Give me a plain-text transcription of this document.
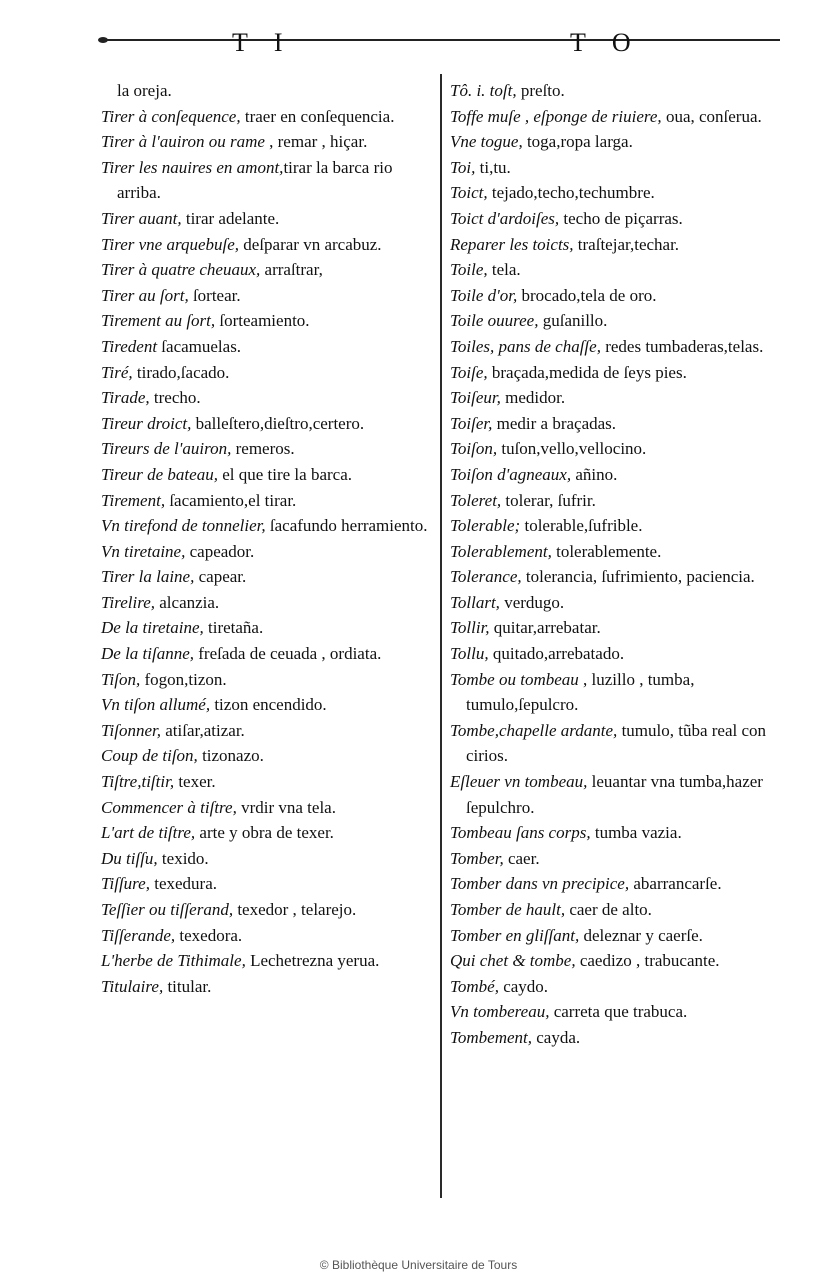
T I	T O

la oreja.

Tirer à conſequence, traer en conſequencia.

Tirer à l'auiron ou rame , remar , hiçar.

Tirer les nauires en amont,tirar la barca rio arriba.

Tirer auant, tirar adelante.

Tirer vne arquebuſe, deſparar vn arcabuz.

Tirer à quatre cheuaux, arraſtrar,

Tirer au ſort, ſortear.

Tirement au ſort, ſorteamiento.

Tiredent ſacamuelas.

Tiré, tirado,ſacado.

Tirade, trecho.

Tireur droict, balleſtero,dieſtro,certero.

Tireurs de l'auiron, remeros.

Tireur de bateau, el que tire la barca.

Tirement, ſacamiento,el tirar.

Vn tirefond de tonnelier, ſacafundo herramiento.

Vn tiretaine, capeador.

Tirer la laine, capear.

Tirelire, alcanzia.

De la tiretaine, tiretaña.

De la tiſanne, freſada de ceuada , ordiata.

Tiſon, fogon,tizon.

Vn tiſon allumé, tizon encendido.

Tiſonner, atiſar,atizar.

Coup de tiſon, tizonazo.

Tiſtre,tiſtir, texer.

Commencer à tiſtre, vrdir vna tela.

L'art de tiſtre, arte y obra de texer.

Du tiſſu, texido.

Tiſſure, texedura.

Teſſier ou tiſſerand, texedor , telarejo.

Tiſſerande, texedora.

L'herbe de Tithimale, Lechetrezna yerua.

Titulaire, titular.

Tô. i. toſt, preſto.

Toffe muſe , eſponge de riuiere, oua, conſerua.

Vne togue, toga,ropa larga.

Toi, ti,tu.

Toict, tejado,techo,techumbre.

Toict d'ardoiſes, techo de piçarras.

Reparer les toicts, traſtejar,techar.

Toile, tela.

Toile d'or, brocado,tela de oro.

Toile ouuree, guſanillo.

Toiles, pans de chaſſe, redes tumbaderas,telas.

Toiſe, braçada,medida de ſeys pies.

Toiſeur, medidor.

Toiſer, medir a braçadas.

Toiſon, tuſon,vello,vellocino.

Toiſon d'agneaux, añino.

Toleret, tolerar, ſufrir.

Tolerable; tolerable,ſufrible.

Tolerablement, tolerablemente.

Tolerance, tolerancia, ſufrimiento, paciencia.

Tollart, verdugo.

Tollir, quitar,arrebatar.

Tollu, quitado,arrebatado.

Tombe ou tombeau , luzillo , tumba, tumulo,ſepulcro.

Tombe,chapelle ardante, tumulo, tũba real con cirios.

Eſleuer vn tombeau, leuantar vna tumba,hazer ſepulchro.

Tombeau ſans corps, tumba vazia.

Tomber, caer.

Tomber dans vn precipice, abarrancarſe.

Tomber de hault, caer de alto.

Tomber en gliſſant, deleznar y caerſe.

Qui chet & tombe, caedizo , trabucante.

Tombé, caydo.

Vn tombereau, carreta que trabuca.

Tombement, cayda.

© Bibliothèque Universitaire de Tours
